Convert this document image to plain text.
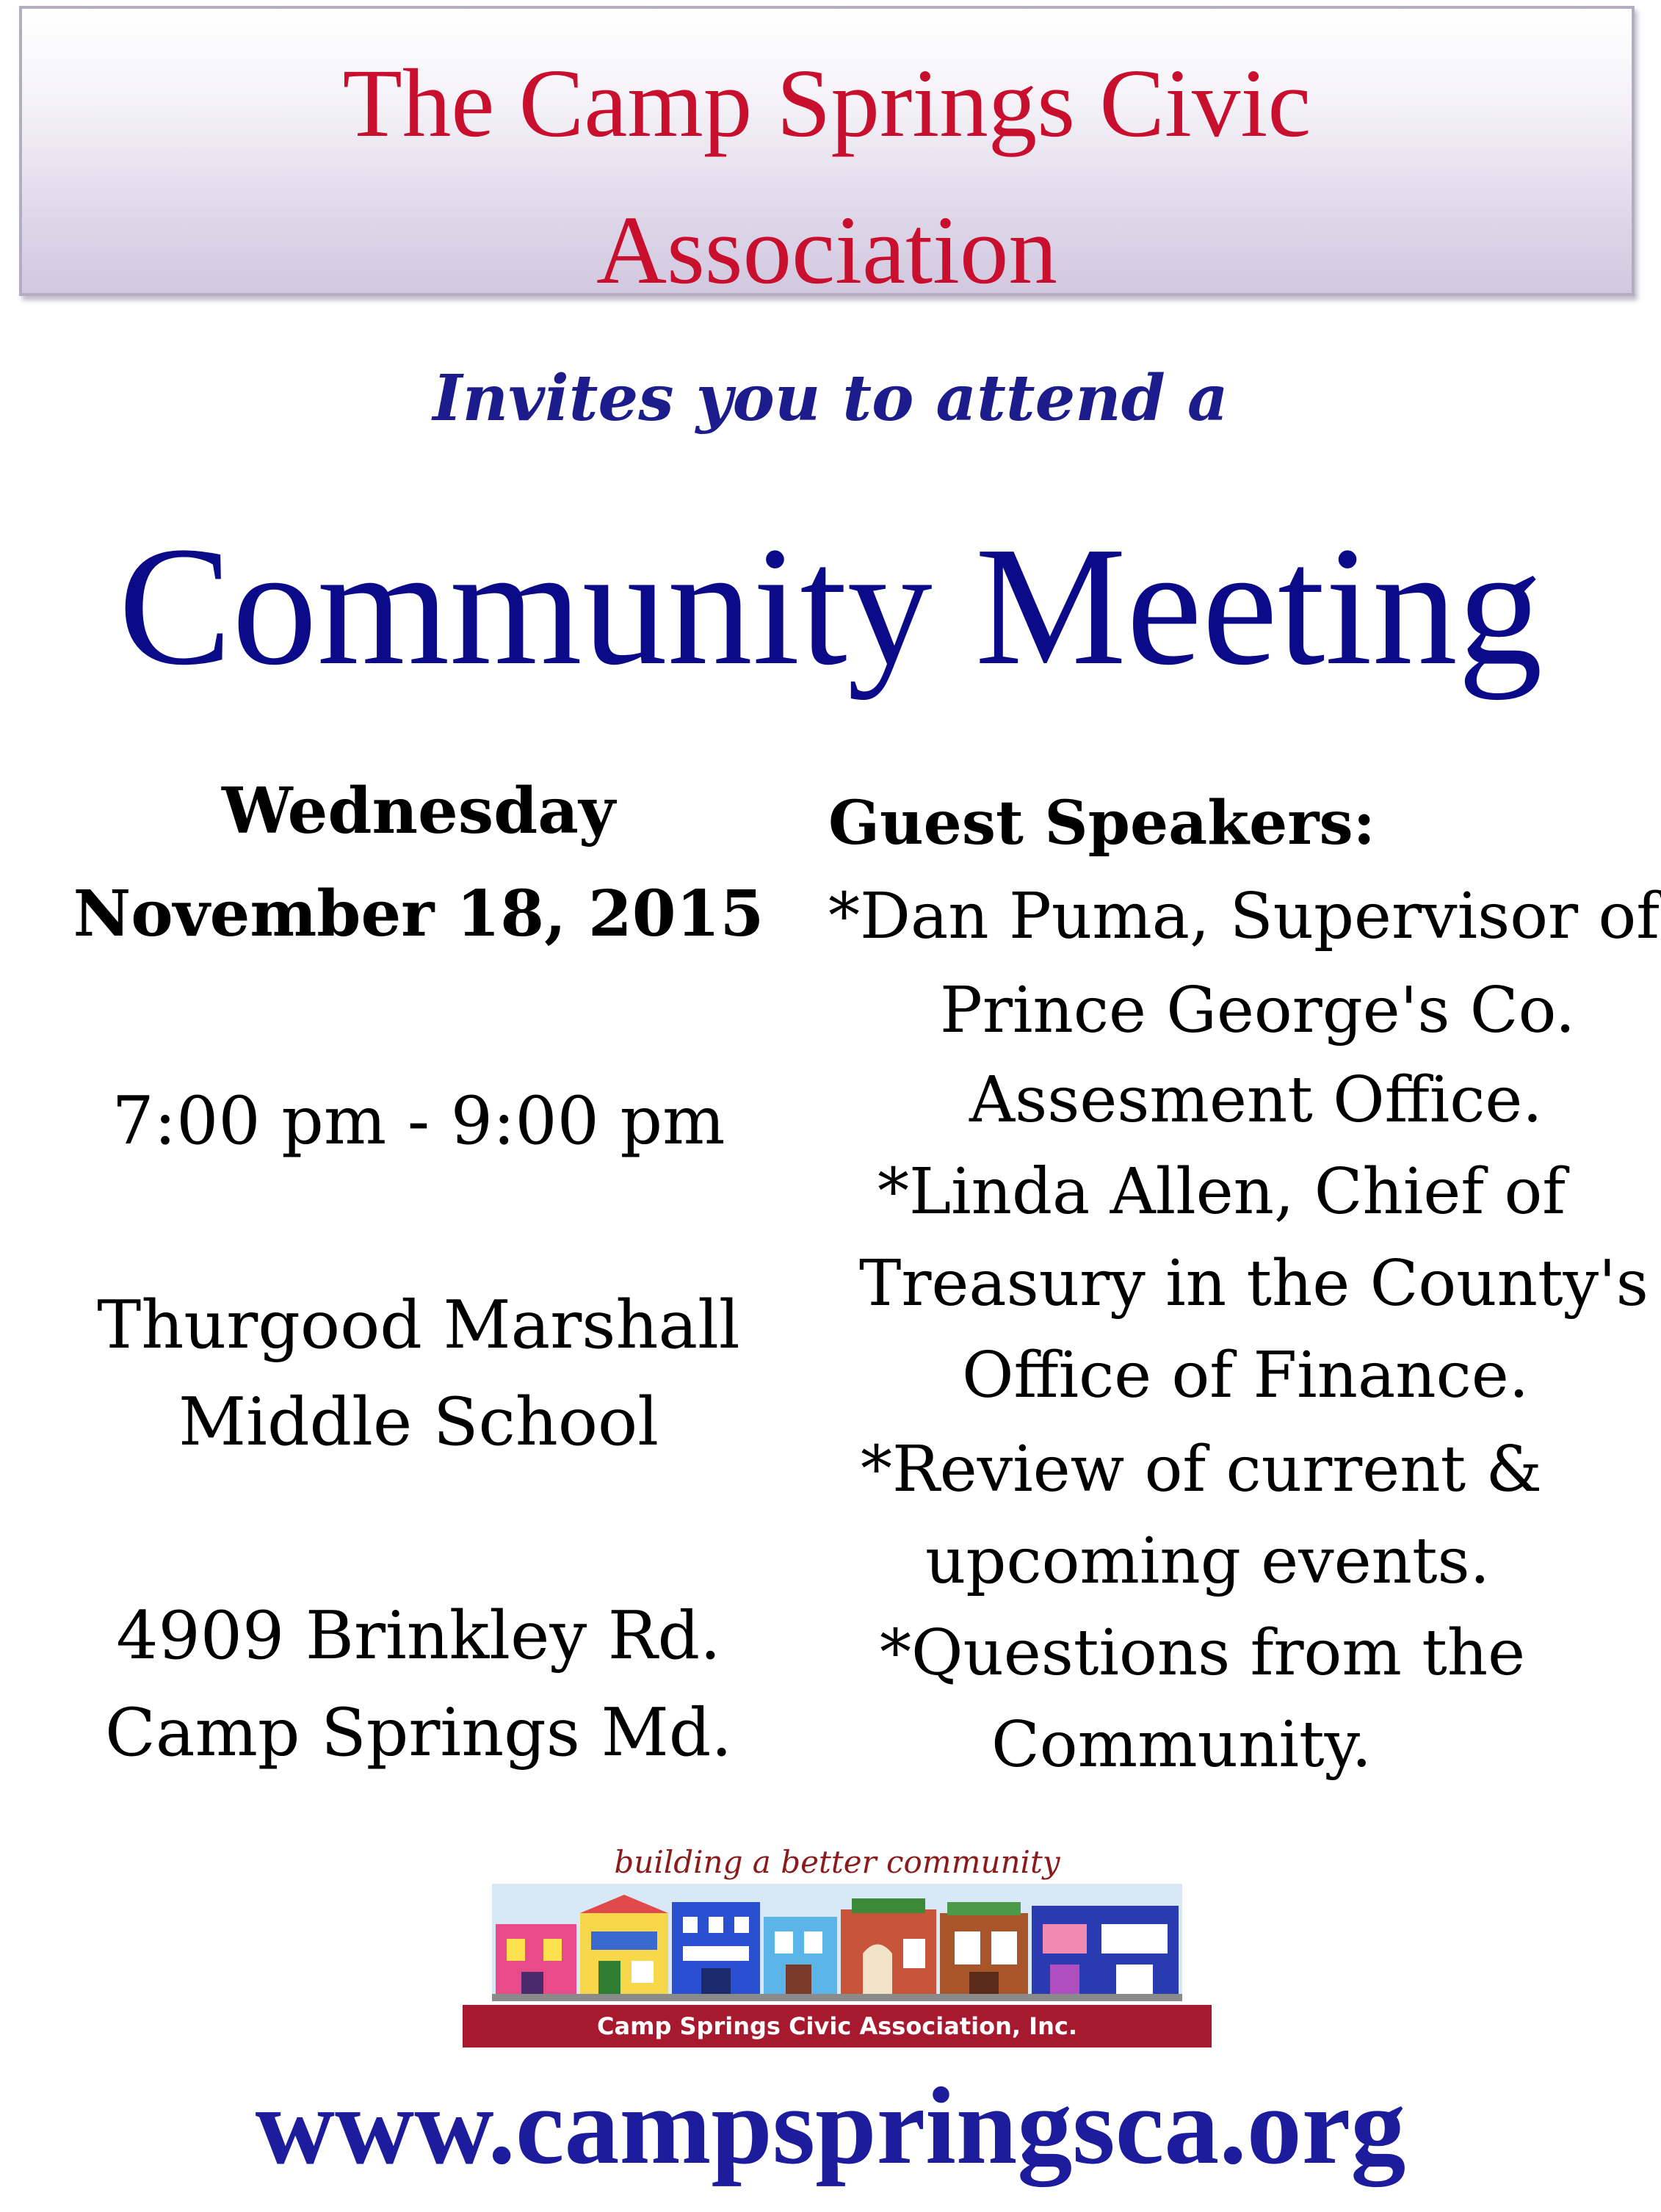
The Camp Springs Civic
Association
Invites you to attend a
Community Meeting
Wednesday
November 18, 2015
7:00 pm - 9:00 pm
Thurgood Marshall
Middle School
4909 Brinkley Rd.
Camp Springs Md.
Guest Speakers:
*Dan Puma, Supervisor of
Prince George's Co.
Assesment Office.
*Linda Allen, Chief of
Treasury in the County's
Office of Finance.
*Review of current &
upcoming events.
*Questions from the
Community.
building a better community
Camp Springs Civic Association, Inc.
www.campspringsca.org
